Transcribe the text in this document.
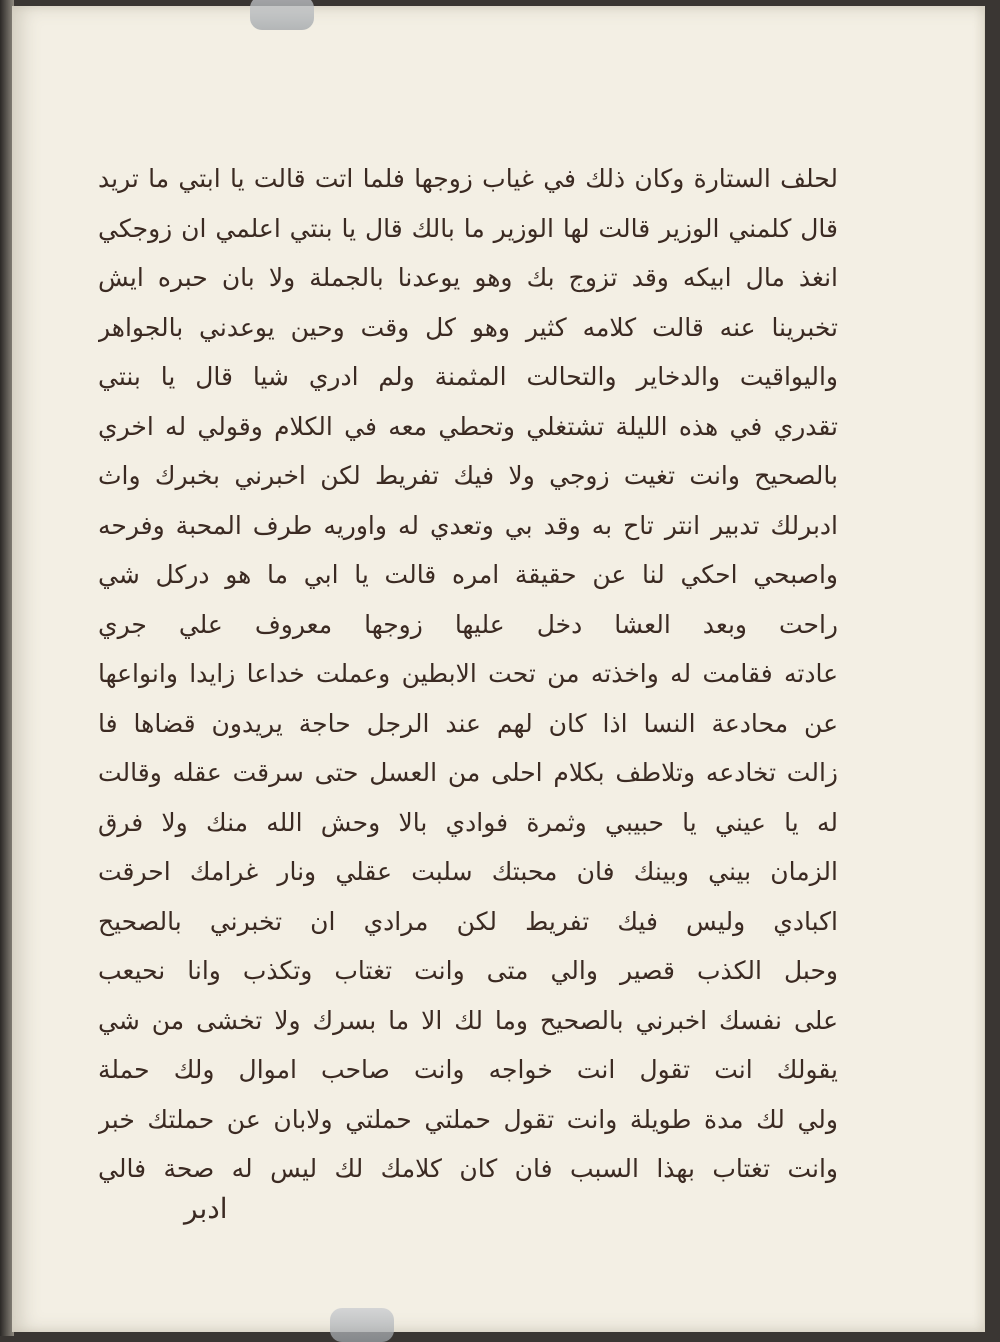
لحلف الستارة وكان ذلك في غياب زوجها فلما اتت قالت يا ابتي ما تريد
قال كلمني الوزير قالت لها الوزير ما بالك قال يا بنتي اعلمي ان زوجكي
انغذ مال ابيكه وقد تزوج بك وهو يوعدنا بالجملة ولا بان حبره ايش
تخبرينا عنه قالت كلامه كثير وهو كل وقت وحين يوعدني بالجواهر
واليواقيت والدخاير والتحالت المثمنة ولم ادري شيا قال يا بنتي
تقدري في هذه الليلة تشتغلي وتحطي معه في الكلام وقولي له اخري
بالصحيح وانت تغيت زوجي ولا فيك تفريط لكن اخبرني بخبرك واث
ادبرلك تدبير انتر تاح به وقد بي وتعدي له واوريه طرف المحبة وفرحه
واصبحي احكي لنا عن حقيقة امره قالت يا ابي ما هو دركل شي
راحت وبعد العشا دخل عليها زوجها معروف علي جري
عادته فقامت له واخذته من تحت الابطين وعملت خداعا زايدا وانواعها
عن محادعة النسا اذا كان لهم عند الرجل حاجة يريدون قضاها فا
زالت تخادعه وتلاطف بكلام احلى من العسل حتى سرقت عقله وقالت
له يا عيني يا حبيبي وثمرة فوادي بالا وحش الله منك ولا فرق
الزمان بيني وبينك فان محبتك سلبت عقلي ونار غرامك احرقت
اكبادي وليس فيك تفريط لكن مرادي ان تخبرني بالصحيح
وحبل الكذب قصير والي متى وانت تغتاب وتكذب وانا نحيعب
على نفسك اخبرني بالصحيح وما لك الا ما بسرك ولا تخشى من شي
يقولك انت تقول انت خواجه وانت صاحب اموال ولك حملة
ولي لك مدة طويلة وانت تقول حملتي حملتي ولابان عن حملتك خبر
وانت تغتاب بهذا السبب فان كان كلامك لك ليس له صحة فالي
ادبر
